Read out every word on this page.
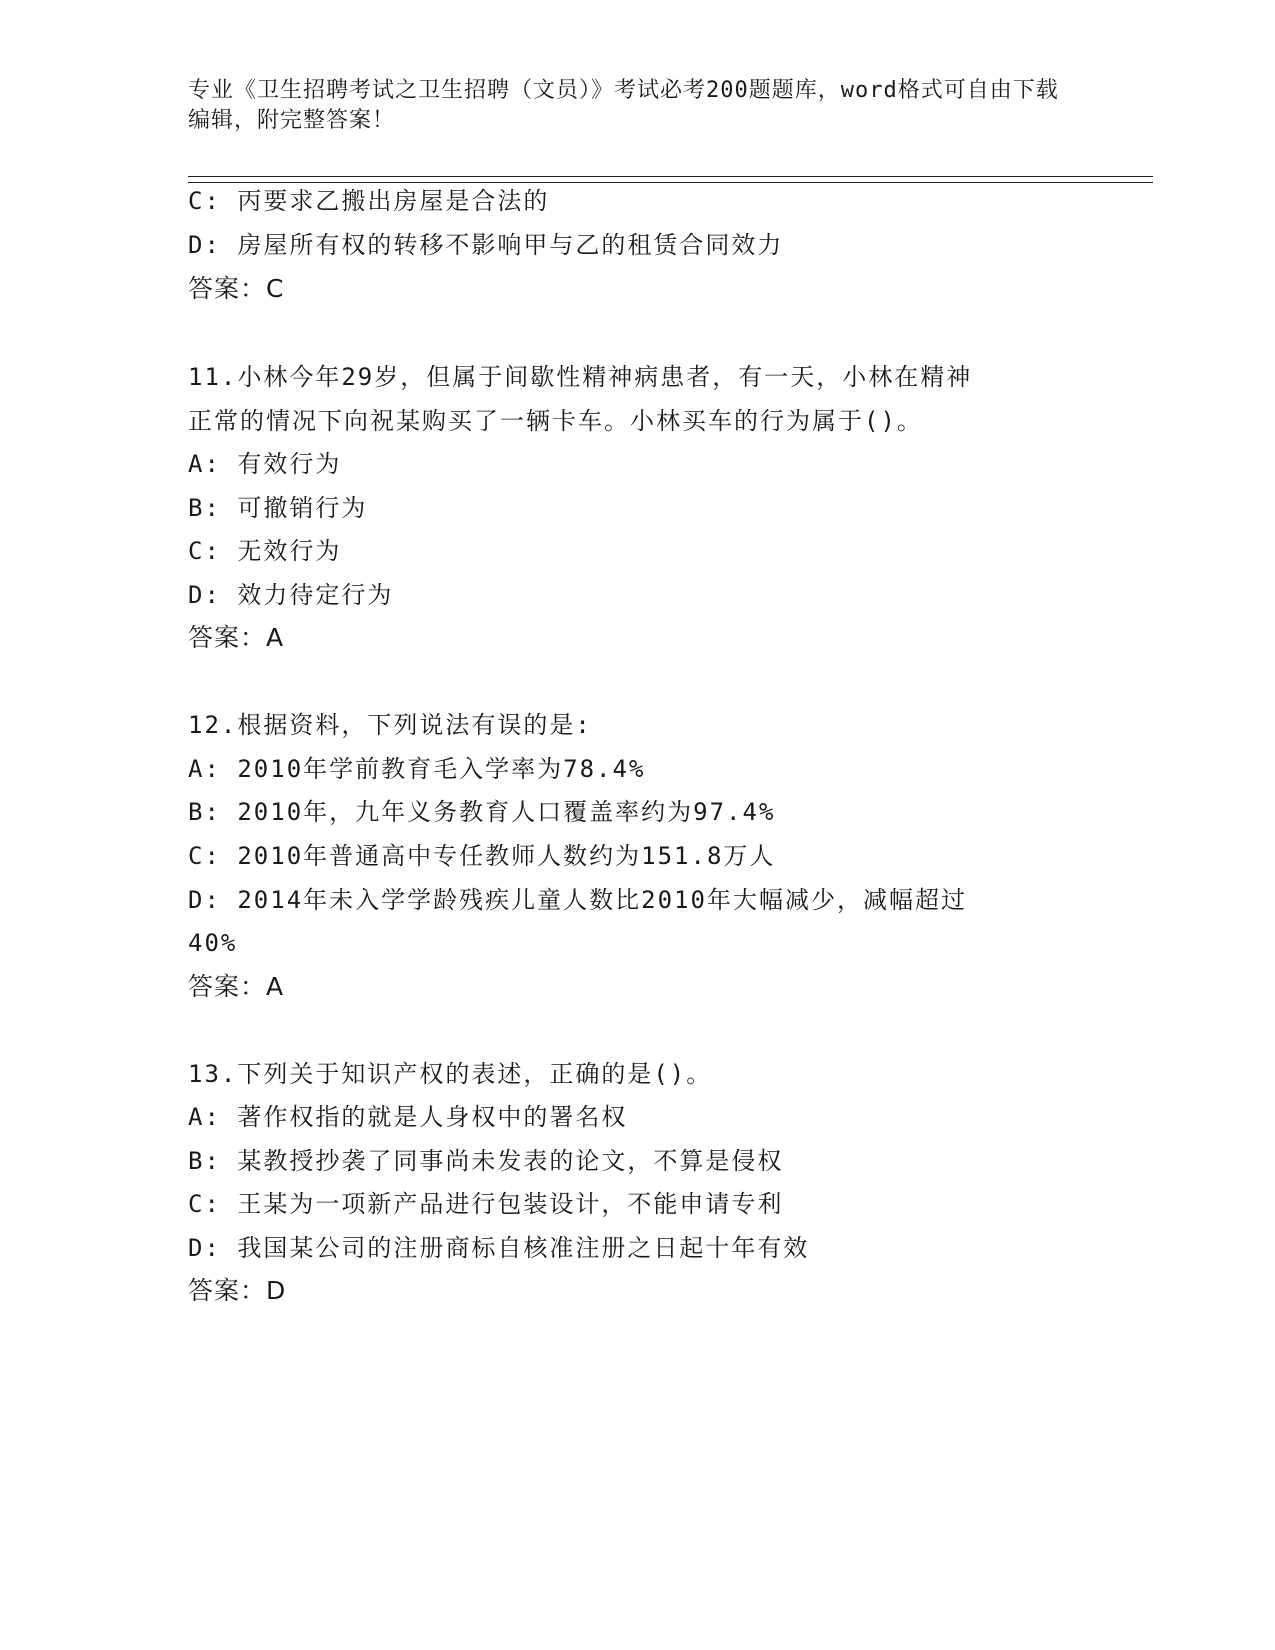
专业《卫生招聘考试之卫生招聘（文员）》考试必考200题题库，word格式可自由下载编辑，附完整答案！
C: 丙要求乙搬出房屋是合法的
D: 房屋所有权的转移不影响甲与乙的租赁合同效力
答案：C
11.小林今年29岁，但属于间歇性精神病患者，有一天，小林在精神
正常的情况下向祝某购买了一辆卡车。小林买车的行为属于()。
A: 有效行为
B: 可撤销行为
C: 无效行为
D: 效力待定行为
答案：A
12.根据资料，下列说法有误的是:
A: 2010年学前教育毛入学率为78.4%
B: 2010年，九年义务教育人口覆盖率约为97.4%
C: 2010年普通高中专任教师人数约为151.8万人
D: 2014年未入学学龄残疾儿童人数比2010年大幅减少，减幅超过
40%
答案：A
13.下列关于知识产权的表述，正确的是()。
A: 著作权指的就是人身权中的署名权
B: 某教授抄袭了同事尚未发表的论文，不算是侵权
C: 王某为一项新产品进行包装设计，不能申请专利
D: 我国某公司的注册商标自核准注册之日起十年有效
答案：D
